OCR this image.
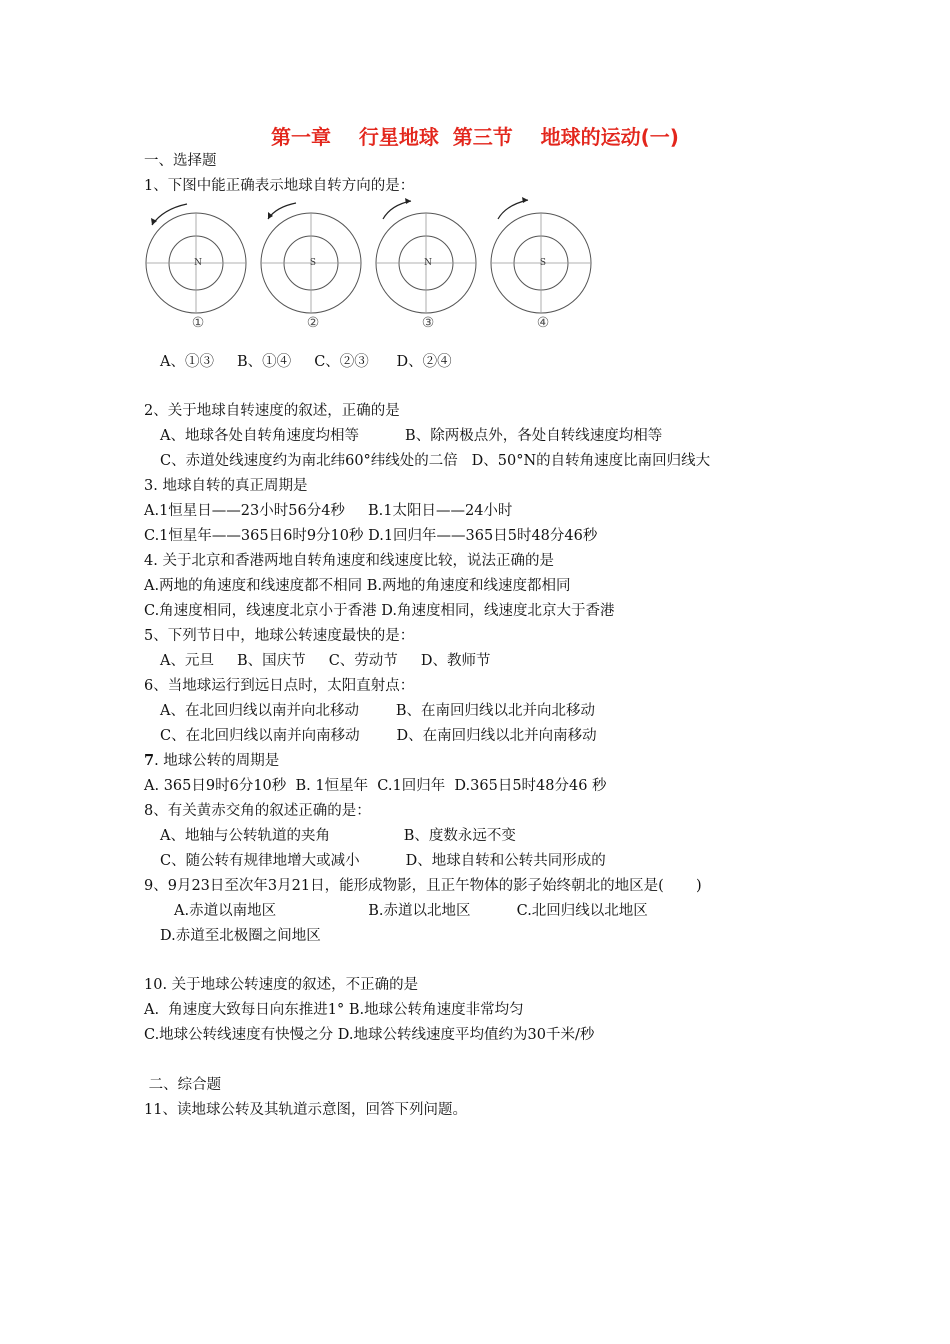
第一章    行星地球  第三节    地球的运动(一)
一、选择题
1、下图中能正确表示地球自转方向的是：
N
①
S
②
N
③
S
④
A、①③     B、①④     C、②③      D、②④
2、关于地球自转速度的叙述，正确的是
A、地球各处自转角速度均相等          B、除两极点外，各处自转线速度均相等
C、赤道处线速度约为南北纬60°纬线处的二倍   D、50°N的自转角速度比南回归线大
3. 地球自转的真正周期是
A.1恒星日——23小时56分4秒     B.1太阳日——24小时
C.1恒星年——365日6时9分10秒 D.1回归年——365日5时48分46秒
4. 关于北京和香港两地自转角速度和线速度比较，说法正确的是
A.两地的角速度和线速度都不相同 B.两地的角速度和线速度都相同
C.角速度相同，线速度北京小于香港 D.角速度相同，线速度北京大于香港
5、下列节日中，地球公转速度最快的是：
A、元旦     B、国庆节     C、劳动节     D、教师节
6、当地球运行到远日点时，太阳直射点：
A、在北回归线以南并向北移动        B、在南回归线以北并向北移动
C、在北回归线以南并向南移动        D、在南回归线以北并向南移动
7. 地球公转的周期是
A. 365日9时6分10秒  B. 1恒星年  C.1回归年  D.365日5时48分46 秒
8、有关黄赤交角的叙述正确的是：
A、地轴与公转轨道的夹角                B、度数永远不变
C、随公转有规律地增大或减小          D、地球自转和公转共同形成的
9、9月23日至次年3月21日，能形成物影，且正午物体的影子始终朝北的地区是(       )
A.赤道以南地区                    B.赤道以北地区          C.北回归线以北地区
D.赤道至北极圈之间地区
10. 关于地球公转速度的叙述，不正确的是
A.  角速度大致每日向东推进1° B.地球公转角速度非常均匀
C.地球公转线速度有快慢之分 D.地球公转线速度平均值约为30千米/秒
二、综合题
11、读地球公转及其轨道示意图，回答下列问题。
